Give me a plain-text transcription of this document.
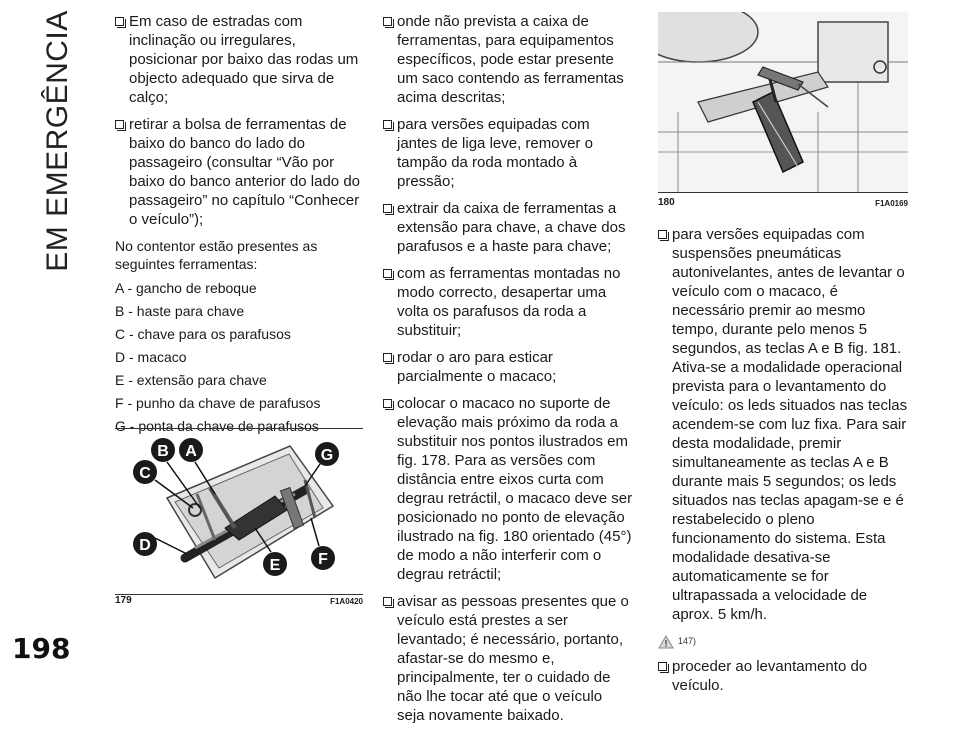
EM EMERGÊNCIA	Em caso de estradas com inclinação ou irregulares, posicionar por baixo das rodas um objecto adequado que sirva de calço;
retirar a bolsa de ferramentas de baixo do banco do lado do passageiro (consultar “Vão por baixo do banco anterior do lado do passageiro” no capítulo “Conhecer o veículo”);

No contentor estão presentes as seguintes ferramentas:

A - gancho de reboque

B - haste para chave

C - chave para os parafusos

D - macaco

E - extensão para chave

F - punho da chave de parafusos

G - ponta da chave de parafusos

B A	G
C
D
E F
179	F1A0420
onde não prevista a caixa de ferramentas, para equipamentos específicos, pode estar presente um saco contendo as ferramentas acima descritas;
para versões equipadas com jantes de liga leve, remover o tampão da roda montado à pressão;
extrair da caixa de ferramentas a extensão para chave, a chave dos parafusos e a haste para chave;
com as ferramentas montadas no modo correcto, desapertar uma volta os parafusos da roda a substituir;
rodar o aro para esticar parcialmente o macaco;
colocar o macaco no suporte de elevação mais próximo da roda a substituir nos pontos ilustrados em fig. 178. Para as versões com distância entre eixos curta com degrau retráctil, o macaco deve ser posicionado no ponto de elevação ilustrado na fig. 180 orientado (45°) de modo a não interferir com o degrau retráctil;
avisar as pessoas presentes que o veículo está prestes a ser levantado; é necessário, portanto, afastar-se do mesmo e, principalmente, ter o cuidado de não lhe tocar até que o veículo seja novamente baixado.
180	F1A0169
para versões equipadas com suspensões pneumáticas autonivelantes, antes de levantar o veículo com o macaco, é necessário premir ao mesmo tempo, durante pelo menos 5 segundos, as teclas A e B fig. 181. Ativa-se a modalidade operacional prevista para o levantamento do veículo: os leds situados nas teclas acendem-se com luz fixa. Para sair desta modalidade, premir simultaneamente as teclas A e B durante mais 5 segundos; os leds situados nas teclas apagam-se e é restabelecido o pleno funcionamento do sistema. Esta modalidade desativa-se automaticamente se for ultrapassada a velocidade de aprox. 5 km/h.
147)
proceder ao levantamento do veículo.
198
